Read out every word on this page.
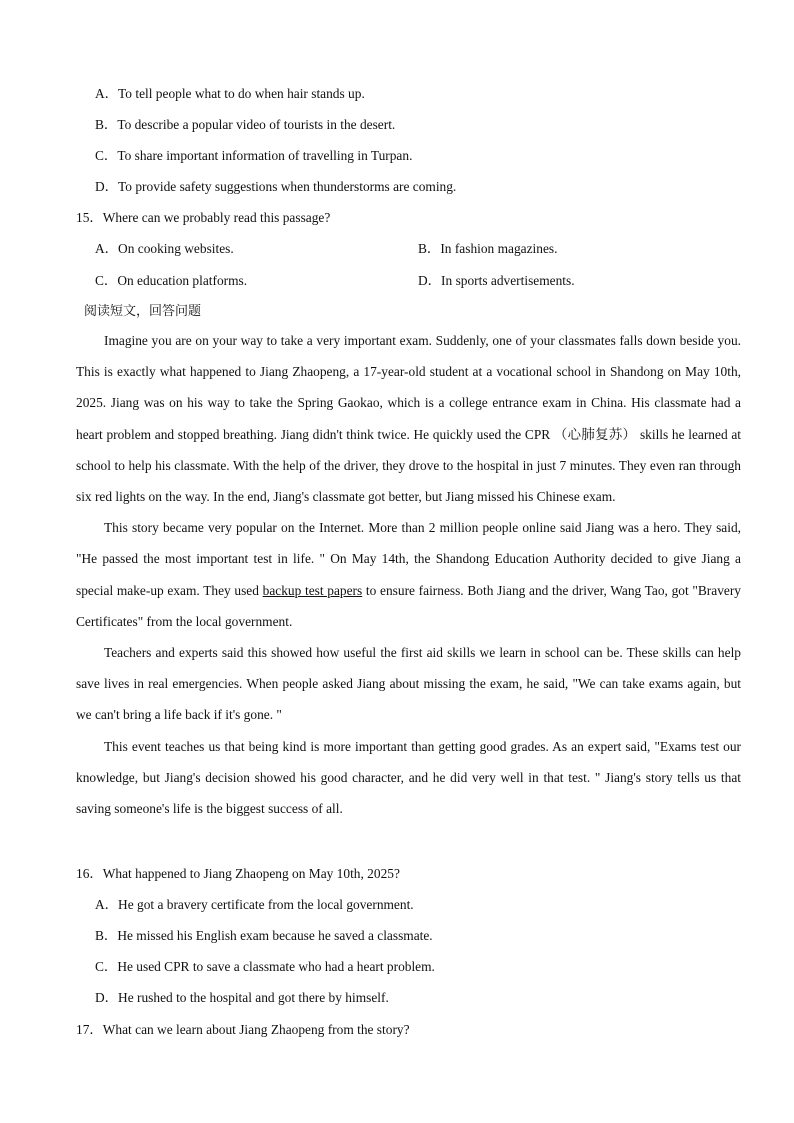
A．To tell people what to do when hair stands up.
B．To describe a popular video of tourists in the desert.
C．To share important information of travelling in Turpan.
D．To provide safety suggestions when thunderstorms are coming.
15．Where can we probably read this passage?
A．On cooking websites.	B．In fashion magazines.
C．On education platforms.	D．In sports advertisements.
阅读短文，回答问题

Imagine you are on your way to take a very important exam. Suddenly, one of your classmates falls down beside you. This is exactly what happened to Jiang Zhaopeng, a 17-year-old student at a vocational school in Shandong on May 10th, 2025. Jiang was on his way to take the Spring Gaokao, which is a college entrance exam in China. His classmate had a heart problem and stopped breathing. Jiang didn't think twice. He quickly used the CPR （心肺复苏） skills he learned at school to help his classmate. With the help of the driver, they drove to the hospital in just 7 minutes. They even ran through six red lights on the way. In the end, Jiang's classmate got better, but Jiang missed his Chinese exam.

This story became very popular on the Internet. More than 2 million people online said Jiang was a hero. They said, "He passed the most important test in life. " On May 14th, the Shandong Education Authority decided to give Jiang a special make-up exam. They used backup test papers to ensure fairness. Both Jiang and the driver, Wang Tao, got "Bravery Certificates" from the local government.

Teachers and experts said this showed how useful the first aid skills we learn in school can be. These skills can help save lives in real emergencies. When people asked Jiang about missing the exam, he said, "We can take exams again, but we can't bring a life back if it's gone. "

This event teaches us that being kind is more important than getting good grades. As an expert said, "Exams test our knowledge, but Jiang's decision showed his good character, and he did very well in that test. " Jiang's story tells us that saving someone's life is the biggest success of all.

16．What happened to Jiang Zhaopeng on May 10th, 2025?
A．He got a bravery certificate from the local government.
B．He missed his English exam because he saved a classmate.
C．He used CPR to save a classmate who had a heart problem.
D．He rushed to the hospital and got there by himself.
17．What can we learn about Jiang Zhaopeng from the story?
